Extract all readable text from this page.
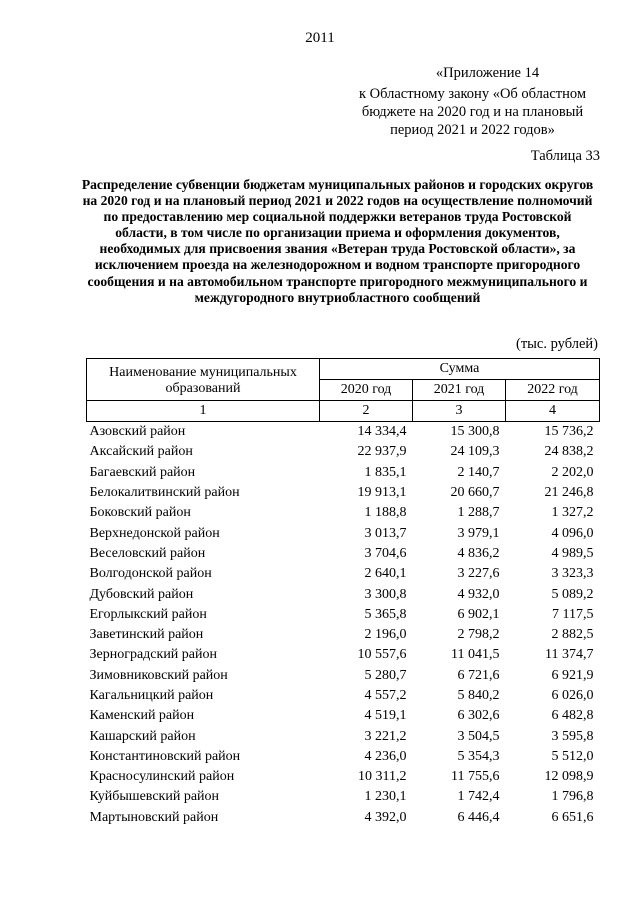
2011
«Приложение 14
к Областному закону «Об областном бюджете на 2020 год и на плановый период 2021 и 2022 годов»
Таблица 33
Распределение субвенции бюджетам муниципальных районов и городских округов на 2020 год и на плановый период 2021 и 2022 годов на осуществление полномочий по предоставлению мер социальной поддержки ветеранов труда Ростовской области, в том числе по организации приема и оформления документов, необходимых для присвоения звания «Ветеран труда Ростовской области», за исключением проезда на железнодорожном и водном транспорте пригородного сообщения и на автомобильном транспорте пригородного межмуниципального и междугородного внутриобластного сообщений
(тыс. рублей)
Наименование муниципальных образований	Сумма		
	2020 год	2021 год	2022 год
1	2	3	4
Азовский район	14 334,4	15 300,8	15 736,2
Аксайский район	22 937,9	24 109,3	24 838,2
Багаевский район	1 835,1	2 140,7	2 202,0
Белокалитвинский район	19 913,1	20 660,7	21 246,8
Боковский район	1 188,8	1 288,7	1 327,2
Верхнедонской район	3 013,7	3 979,1	4 096,0
Веселовский район	3 704,6	4 836,2	4 989,5
Волгодонской район	2 640,1	3 227,6	3 323,3
Дубовский район	3 300,8	4 932,0	5 089,2
Егорлыкский район	5 365,8	6 902,1	7 117,5
Заветинский район	2 196,0	2 798,2	2 882,5
Зерноградский район	10 557,6	11 041,5	11 374,7
Зимовниковский район	5 280,7	6 721,6	6 921,9
Кагальницкий район	4 557,2	5 840,2	6 026,0
Каменский район	4 519,1	6 302,6	6 482,8
Кашарский район	3 221,2	3 504,5	3 595,8
Константиновский район	4 236,0	5 354,3	5 512,0
Красносулинский район	10 311,2	11 755,6	12 098,9
Куйбышевский район	1 230,1	1 742,4	1 796,8
Мартыновский район	4 392,0	6 446,4	6 651,6
